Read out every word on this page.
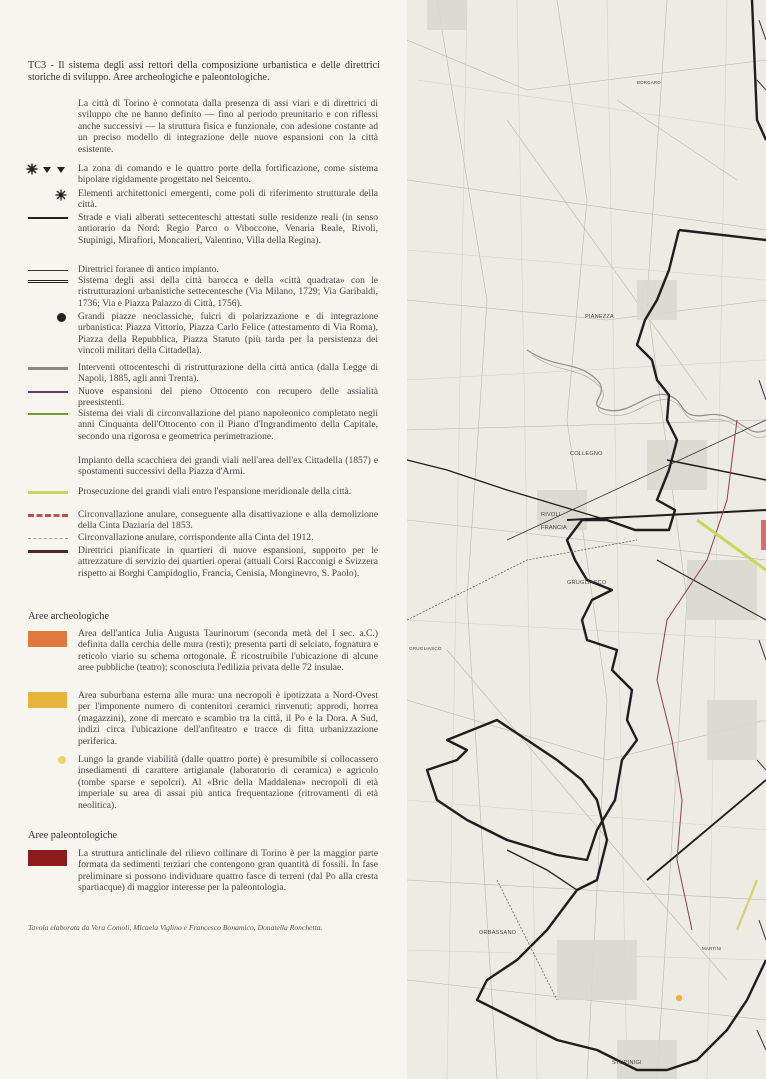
TC3 - Il sistema degli assi rettori della composizione urbanistica e delle direttrici storiche di sviluppo. Aree archeologiche e paleontologiche.
La città di Torino è connotata dalla presenza di assi viari e di direttrici di sviluppo che ne hanno definito — fino al periodo preunitario e con riflessi anche successivi — la struttura fisica e funzionale, con adesione costante ad un preciso modello di integrazione delle nuove espansioni con la città esistente.
La zona di comando e le quattro porte della fortificazione, come sistema bipolare rigidamente progettato nel Seicento.
Elementi architettonici emergenti, come poli di riferimento strutturale della città.
Strade e viali alberati settecenteschi attestati sulle residenze reali (in senso antiorario da Nord: Regio Parco o Viboccone, Venaria Reale, Rivoli, Stupinigi, Mirafiori, Moncalieri, Valentino, Villa della Regina).
Direttrici foranee di antico impianto.
Sistema degli assi della città barocca e della «città quadrata» con le ristrutturazioni urbanistiche settecentesche (Via Milano, 1729; Via Garibaldi, 1736; Via e Piazza Palazzo di Città, 1756).
Grandi piazze neoclassiche, fulcri di polarizzazione e di integrazione urbanistica: Piazza Vittorio, Piazza Carlo Felice (attestamento di Via Roma), Piazza della Repubblica, Piazza Statuto (più tarda per la persistenza dei vincoli militari della Cittadella).
Interventi ottocenteschi di ristrutturazione della città antica (dalla Legge di Napoli, 1885, agli anni Trenta).
Nuove espansioni del pieno Ottocento con recupero delle assialità preesistenti.
Sistema dei viali di circonvallazione del piano napoleonico completato negli anni Cinquanta dell'Ottocento con il Piano d'Ingrandimento della Capitale, secondo una rigorosa e geometrica perimetrazione.
Impianto della scacchiera dei grandi viali nell'area dell'ex Cittadella (1857) e spostamenti successivi della Piazza d'Armi.
Prosecuzione dei grandi viali entro l'espansione meridionale della città.
Circonvallazione anulare, conseguente alla disattivazione e alla demolizione della Cinta Daziaria del 1853.
Circonvallazione anulare, corrispondente alla Cinta del 1912.
Direttrici pianificate in quartieri di nuove espansioni, supporto per le attrezzature di servizio dei quartieri operai (attuali Corsi Racconigi e Svizzera rispetto ai Borghi Campidoglio, Francia, Cenisia, Monginevro, S. Paolo).
Aree archeologiche
Area dell'antica Julia Augusta Taurinorum (seconda metà del I sec. a.C.) definita dalla cerchia delle mura (resti); presenta parti di selciato, fognatura e reticolo viario su schema ortogonale. È ricostruibile l'ubicazione di alcune aree pubbliche (teatro); sconosciuta l'edilizia privata delle 72 insulae.
Area suburbana esterna alle mura: una necropoli è ipotizzata a Nord-Ovest per l'imponente numero di contenitori ceramici rinvenuti; approdi, horrea (magazzini), zone di mercato e scambio tra la città, il Po e la Dora. A Sud, indizi circa l'ubicazione dell'anfiteatro e tracce di fitta urbanizzazione periferica.
Lungo la grande viabilità (dalle quattro porte) è presumibile si collocassero insediamenti di carattere artigianale (laboratorio di ceramica) e agricolo (tombe sparse e sepolcri). Al «Bric della Maddalena» necropoli di età imperiale su area di assai più antica frequentazione (ritrovamenti di età neolitica).
Aree paleontologiche
La struttura anticlinale del rilievo collinare di Torino è per la maggior parte formata da sedimenti terziari che contengono gran quantità di fossili. In fase preliminare si possono individuare quattro fasce di terreni (dal Po alla cresta spartiacque) di maggior interesse per la paleontologia.
Tavola elaborata da Vera Comoli, Micaela Viglino e Francesco Bonamico, Donatella Ronchetta.
PIANEZZA
COLLEGNO
RIVOLI
FRANCIA
GRUGLIASCO
GRUGLIASCO
ORBASSANO
STUPINIGI
BORGARO
MARTINI
